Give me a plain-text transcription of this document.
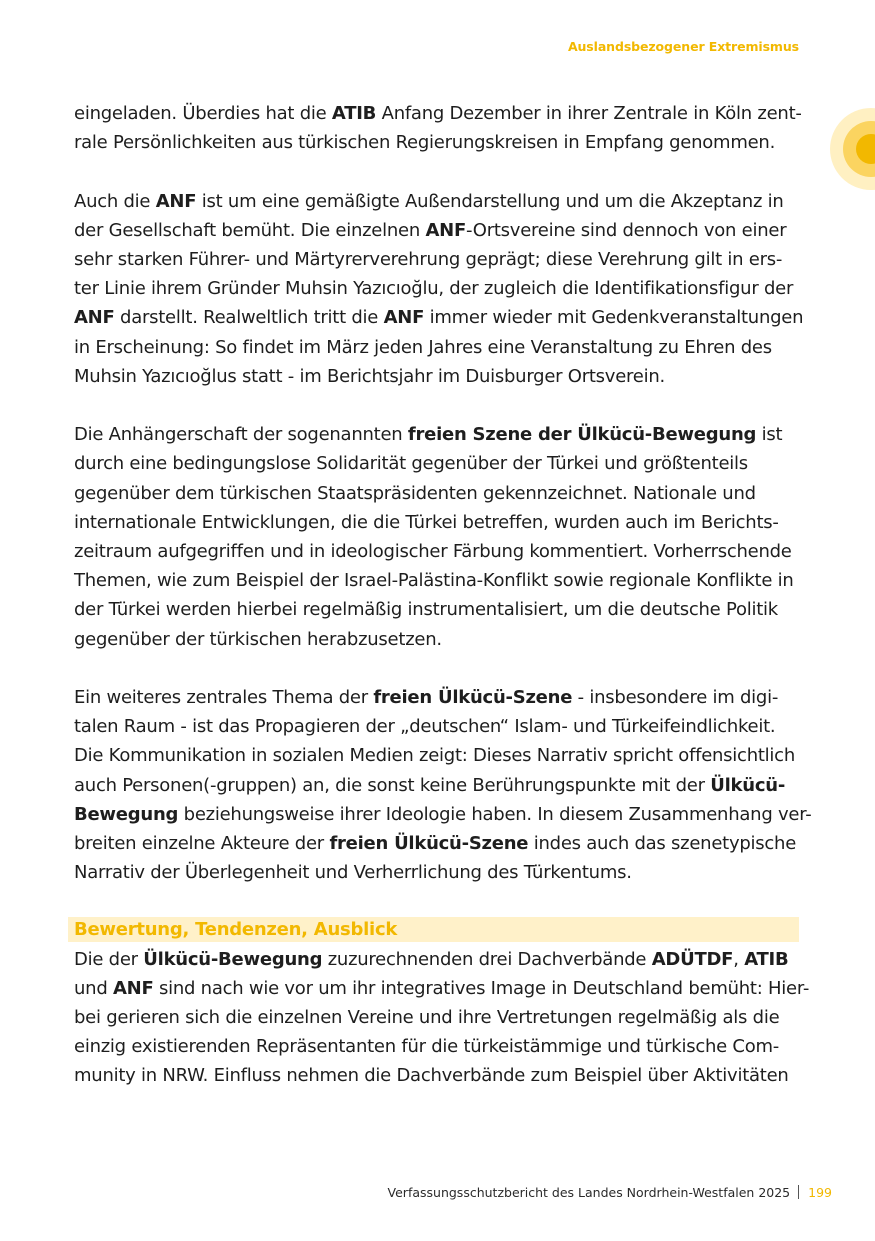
Auslandsbezogener Extremismus
eingeladen. Überdies hat die ATIB Anfang Dezember in ihrer Zentrale in Köln zent-
rale Persönlichkeiten aus türkischen Regierungskreisen in Empfang genommen.
Auch die ANF ist um eine gemäßigte Außendarstellung und um die Akzeptanz in
der Gesellschaft bemüht. Die einzelnen ANF-Ortsvereine sind dennoch von einer
sehr starken Führer- und Märtyrerverehrung geprägt; diese Verehrung gilt in ers-
ter Linie ihrem Gründer Muhsin Yazıcıoğlu, der zugleich die Identifikationsfigur der
ANF darstellt. Realweltlich tritt die ANF immer wieder mit Gedenkveranstaltungen
in Erscheinung: So findet im März jeden Jahres eine Veranstaltung zu Ehren des
Muhsin Yazıcıoğlus statt - im Berichtsjahr im Duisburger Ortsverein.
Die Anhängerschaft der sogenannten freien Szene der Ülkücü-Bewegung ist
durch eine bedingungslose Solidarität gegenüber der Türkei und größtenteils
gegenüber dem türkischen Staatspräsidenten gekennzeichnet. Nationale und
internationale Entwicklungen, die die Türkei betreffen, wurden auch im Berichts-
zeitraum aufgegriffen und in ideologischer Färbung kommentiert. Vorherrschende
Themen, wie zum Beispiel der Israel-Palästina-Konflikt sowie regionale Konflikte in
der Türkei werden hierbei regelmäßig instrumentalisiert, um die deutsche Politik
gegenüber der türkischen herabzusetzen.
Ein weiteres zentrales Thema der freien Ülkücü-Szene - insbesondere im digi-
talen Raum - ist das Propagieren der „deutschen“ Islam- und Türkeifeindlichkeit.
Die Kommunikation in sozialen Medien zeigt: Dieses Narrativ spricht offensichtlich
auch Personen(-gruppen) an, die sonst keine Berührungspunkte mit der Ülkücü-
Bewegung beziehungsweise ihrer Ideologie haben. In diesem Zusammenhang ver-
breiten einzelne Akteure der freien Ülkücü-Szene indes auch das szenetypische
Narrativ der Überlegenheit und Verherrlichung des Türkentums.
Bewertung, Tendenzen, Ausblick
Die der Ülkücü-Bewegung zuzurechnenden drei Dachverbände ADÜTDF, ATIB
und ANF sind nach wie vor um ihr integratives Image in Deutschland bemüht: Hier-
bei gerieren sich die einzelnen Vereine und ihre Vertretungen regelmäßig als die
einzig existierenden Repräsentanten für die türkeistämmige und türkische Com-
munity in NRW. Einfluss nehmen die Dachverbände zum Beispiel über Aktivitäten
Verfassungsschutzbericht des Landes Nordrhein-Westfalen 2025 199
